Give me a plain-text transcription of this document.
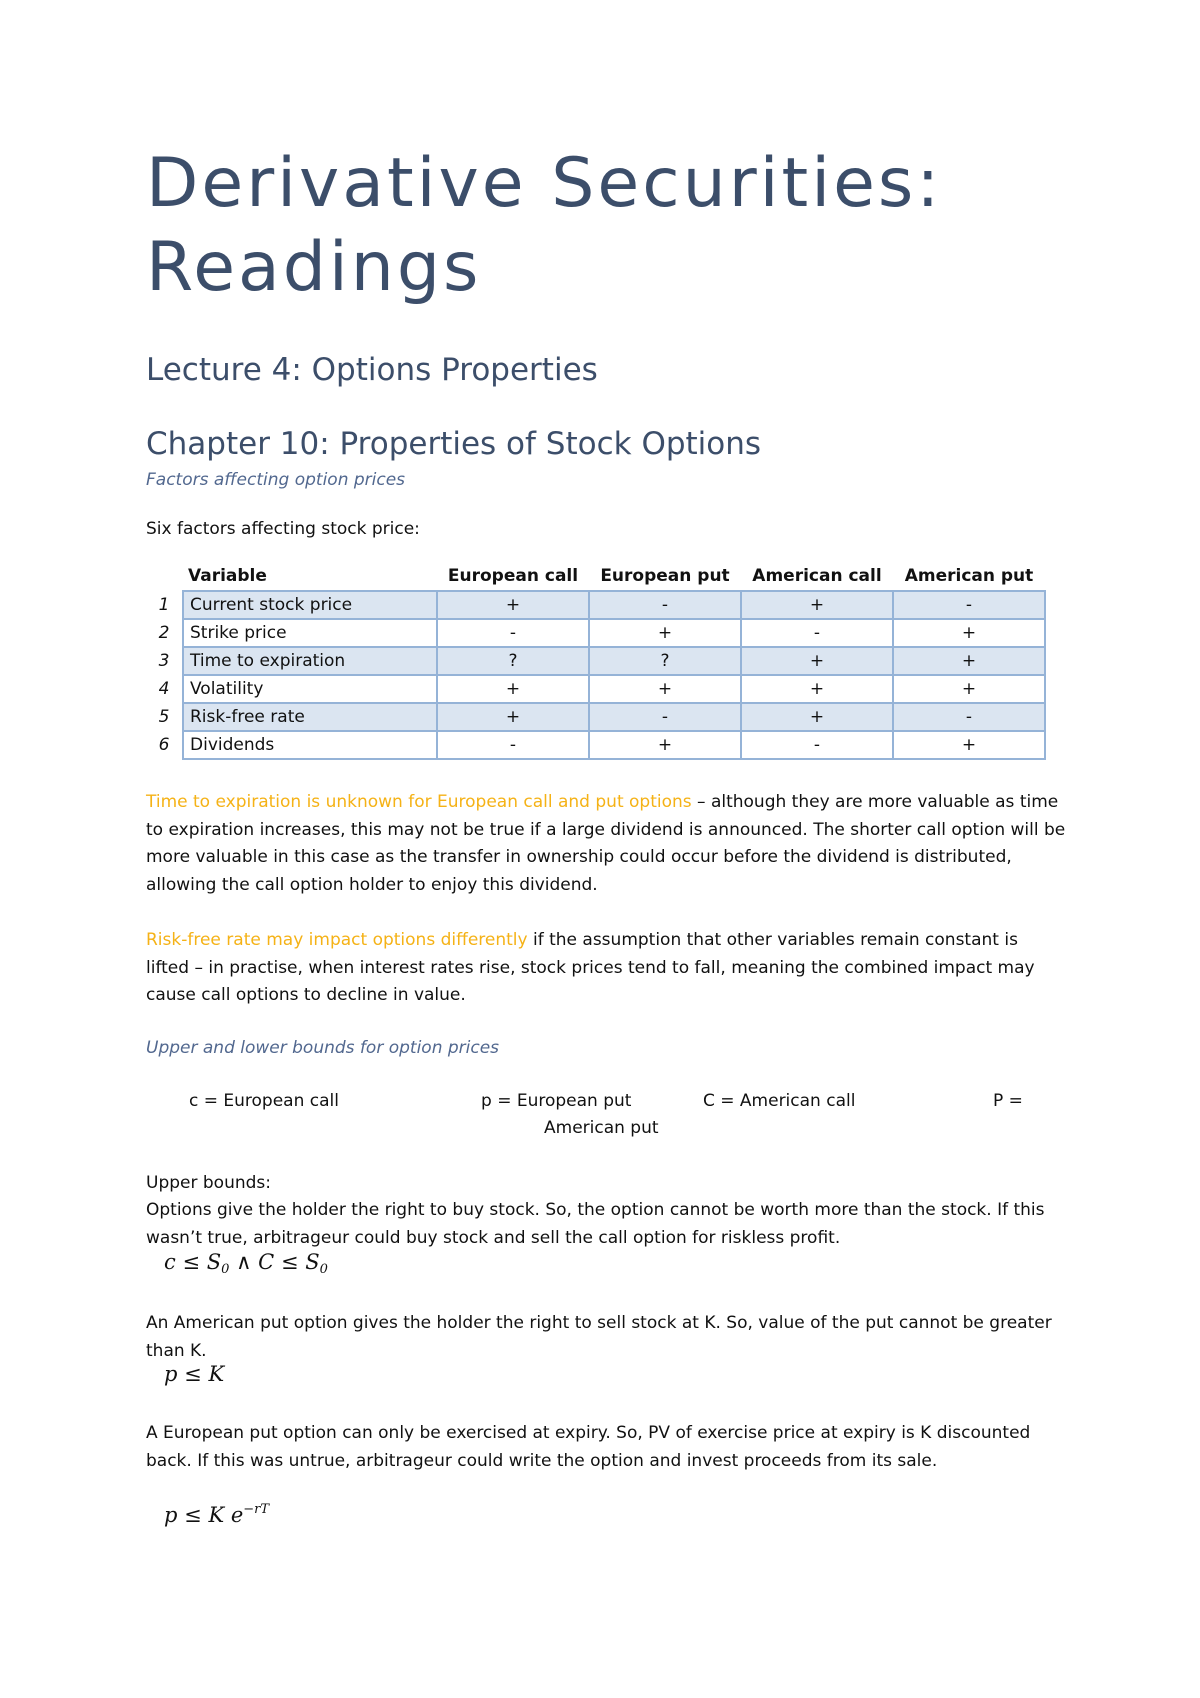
Derivative Securities:
Readings
Lecture 4: Options Properties
Chapter 10: Properties of Stock Options
Factors affecting option prices
Six factors affecting stock price:
Variable		European call	European put	American call	American put
1	Current stock price	+	-	+	-
2	Strike price	-	+	-	+
3	Time to expiration	?	?	+	+
4	Volatility	+	+	+	+
5	Risk-free rate	+	-	+	-
6	Dividends	-	+	-	+

Time to expiration is unknown for European call and put options – although they are more valuable as time to expiration increases, this may not be true if a large dividend is announced. The shorter call option will be more valuable in this case as the transfer in ownership could occur before the dividend is distributed, allowing the call option holder to enjoy this dividend.

Risk-free rate may impact options differently if the assumption that other variables remain constant is lifted – in practise, when interest rates rise, stock prices tend to fall, meaning the combined impact may cause call options to decline in value.

Upper and lower bounds for option prices
c = European call	p = European put	C = American call	P =
American put
Upper bounds:

Options give the holder the right to buy stock. So, the option cannot be worth more than the stock. If this wasn’t true, arbitrageur could buy stock and sell the call option for riskless profit.

$c \le S_0$ ∧ $C \le S_0$

An American put option gives the holder the right to sell stock at K. So, value of the put cannot be greater than K.

p ≤ K

A European put option can only be exercised at expiry. So, PV of exercise price at expiry is K discounted back. If this was untrue, arbitrageur could write the option and invest proceeds from its sale.

p ≤ K $e^{-rT}$
